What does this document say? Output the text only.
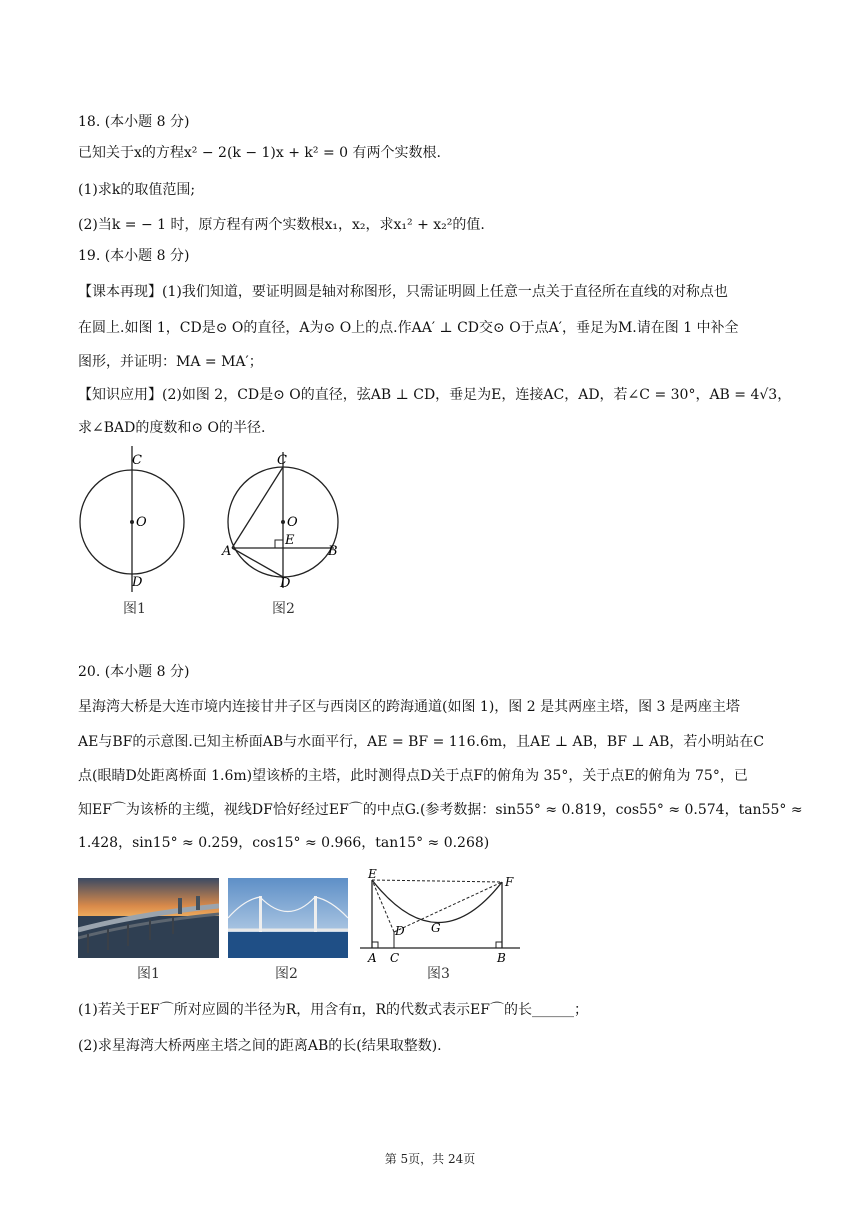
18. (本小题 8 分)
已知关于x的方程x² − 2(k − 1)x + k² = 0 有两个实数根.
(1)求k的取值范围;
(2)当k = − 1 时，原方程有两个实数根x₁，x₂，求x₁² + x₂²的值.
19. (本小题 8 分)
【课本再现】(1)我们知道，要证明圆是轴对称图形，只需证明圆上任意一点关于直径所在直线的对称点也
在圆上.如图 1，CD是⊙ O的直径，A为⊙ O上的点.作AA′ ⊥ CD交⊙ O于点A′，垂足为M.请在图 1 中补全
图形，并证明：MA = MA′；
【知识应用】(2)如图 2，CD是⊙ O的直径，弦AB ⊥ CD，垂足为E，连接AC，AD，若∠C = 30°，AB = 4√3，
求∠BAD的度数和⊙ O的半径.
C
O
D
图1
C
O
E
A	B
D
图2
20. (本小题 8 分)
星海湾大桥是大连市境内连接甘井子区与西岗区的跨海通道(如图 1)，图 2 是其两座主塔，图 3 是两座主塔
AE与BF的示意图.已知主桥面AB与水面平行，AE = BF = 116.6m，且AE ⊥ AB，BF ⊥ AB，若小明站在C
点(眼睛D处距离桥面 1.6m)望该桥的主塔，此时测得点D关于点F的俯角为 35°，关于点E的俯角为 75°，已
知EF⌒为该桥的主缆，视线DF恰好经过EF⌒的中点G.(参考数据：sin55° ≈ 0.819，cos55° ≈ 0.574，tan55° ≈
1.428，sin15° ≈ 0.259，cos15° ≈ 0.966，tan15° ≈ 0.268)
图1	图2
E
F
D G
A C	B
图3
(1)若关于EF⌒所对应圆的半径为R，用含有π，R的代数式表示EF⌒的长______；
(2)求星海湾大桥两座主塔之间的距离AB的长(结果取整数).
第 5页，共 24页
